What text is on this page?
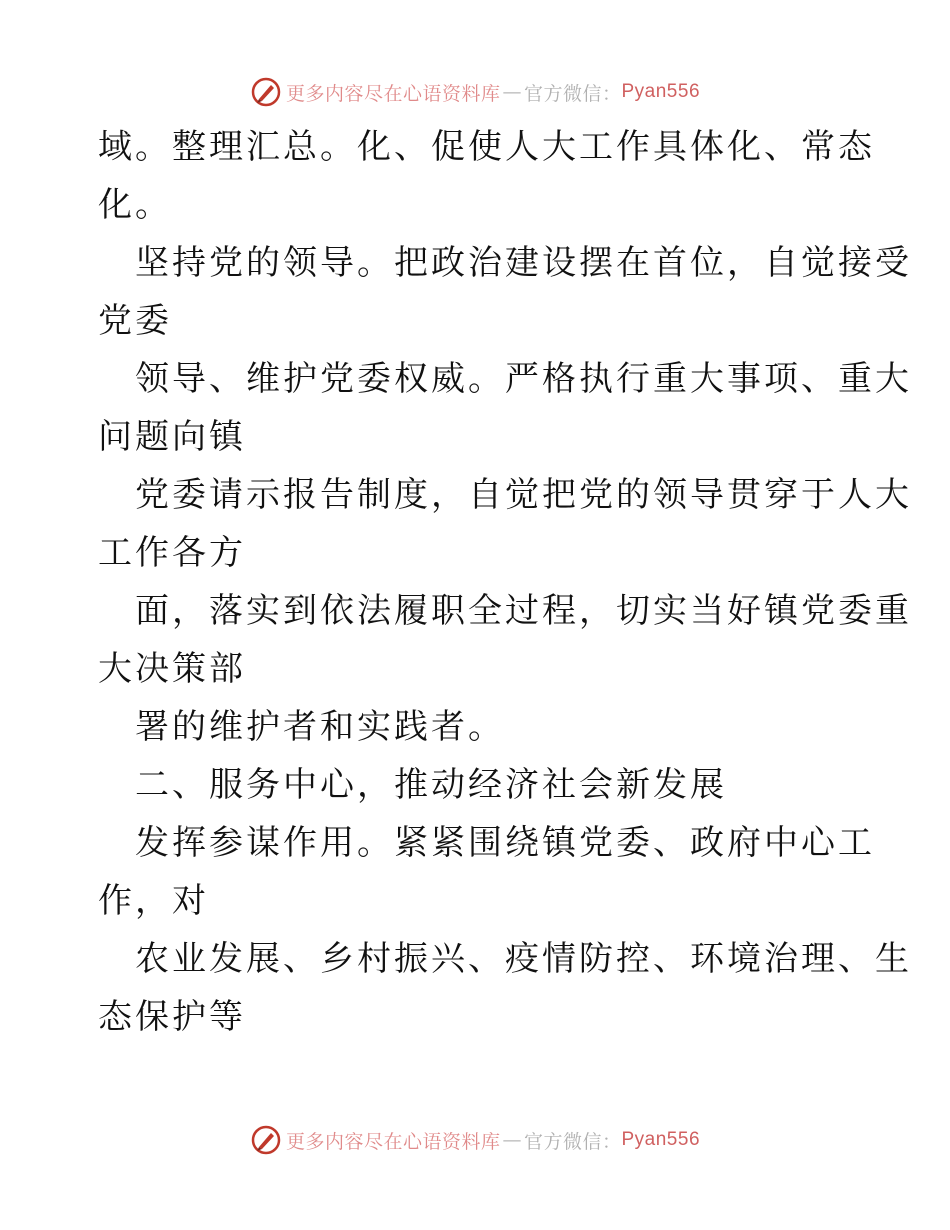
更多内容尽在心语资料库 — 官方微信： Pyan556
域。整理汇总。化、促使人大工作具体化、常态
化。
坚持党的领导。把政治建设摆在首位，自觉接受
党委
领导、维护党委权威。严格执行重大事项、重大
问题向镇
党委请示报告制度，自觉把党的领导贯穿于人大
工作各方
面，落实到依法履职全过程，切实当好镇党委重
大决策部
署的维护者和实践者。
二、服务中心，推动经济社会新发展
发挥参谋作用。紧紧围绕镇党委、政府中心工
作，对
农业发展、乡村振兴、疫情防控、环境治理、生
态保护等
更多内容尽在心语资料库 — 官方微信： Pyan556
